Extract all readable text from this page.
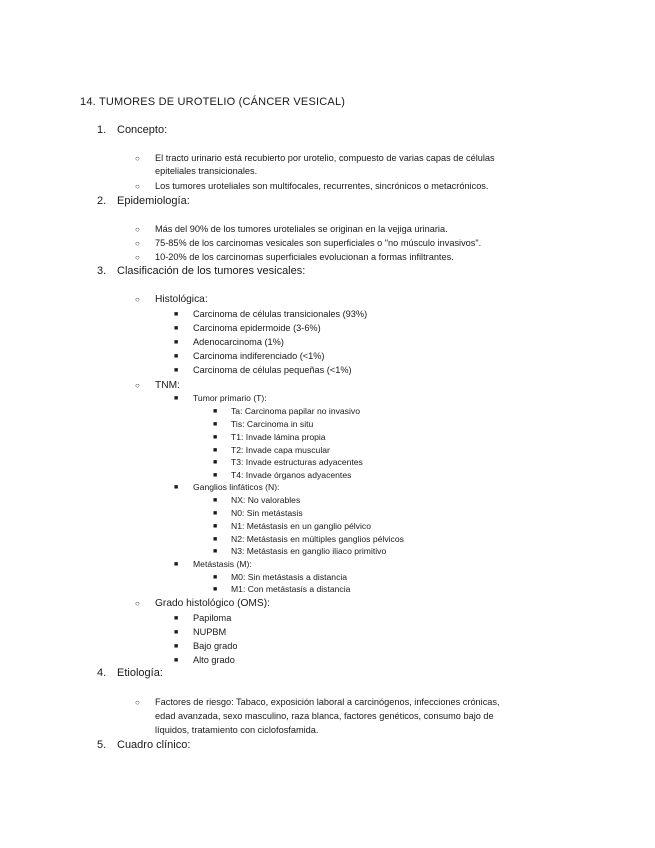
14. TUMORES DE UROTELIO (CÁNCER VESICAL)
1. Concepto:
○ El tracto urinario está recubierto por urotelio, compuesto de varias capas de células
epiteliales transicionales.
○ Los tumores uroteliales son multifocales, recurrentes, sincrónicos o metacrónicos.
2. Epidemiología:
○ Más del 90% de los tumores uroteliales se originan en la vejiga urinaria.
○ 75-85% de los carcinomas vesicales son superficiales o "no músculo invasivos".
○ 10-20% de los carcinomas superficiales evolucionan a formas infiltrantes.
3. Clasificación de los tumores vesicales:
○ Histológica:
■ Carcinoma de células transicionales (93%)
■ Carcinoma epidermoide (3-6%)
■ Adenocarcinoma (1%)
■ Carcinoma indiferenciado (<1%)
■ Carcinoma de células pequeñas (<1%)
○ TNM:
■ Tumor primario (T):
■ Ta: Carcinoma papilar no invasivo
■ Tis: Carcinoma in situ
■ T1: Invade lámina propia
■ T2: Invade capa muscular
■ T3: Invade estructuras adyacentes
■ T4: Invade órganos adyacentes
■ Ganglios linfáticos (N):
■ NX: No valorables
■ N0: Sin metástasis
■ N1: Metástasis en un ganglio pélvico
■ N2: Metástasis en múltiples ganglios pélvicos
■ N3: Metástasis en ganglio iliaco primitivo
■ Metástasis (M):
■ M0: Sin metástasis a distancia
■ M1: Con metástasis a distancia
○ Grado histológico (OMS):
■ Papiloma
■ NUPBM
■ Bajo grado
■ Alto grado
4. Etiología:
○ Factores de riesgo: Tabaco, exposición laboral a carcinógenos, infecciones crónicas,
edad avanzada, sexo masculino, raza blanca, factores genéticos, consumo bajo de
líquidos, tratamiento con ciclofosfamida.
5. Cuadro clínico:
